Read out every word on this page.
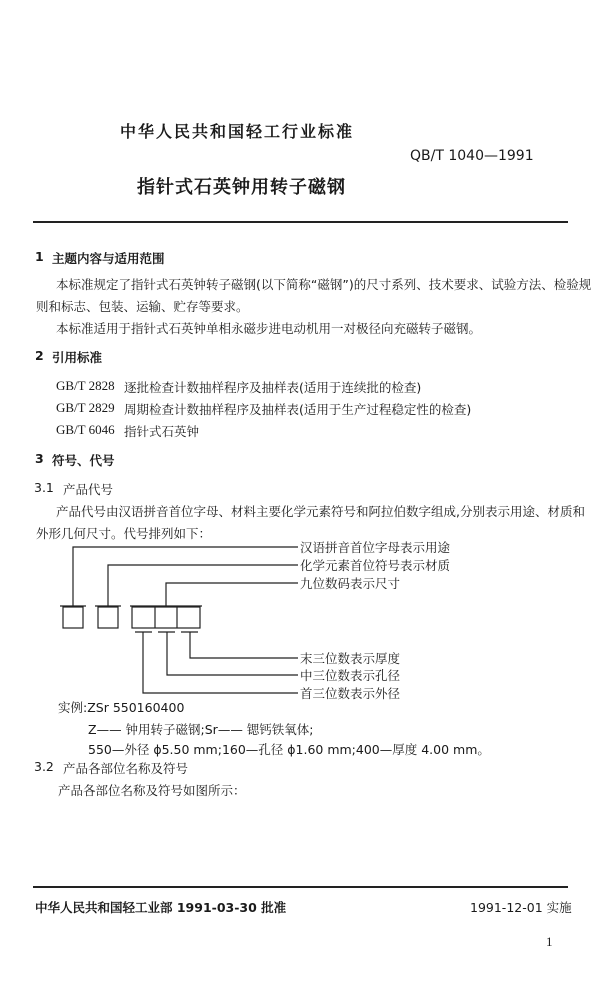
中华人民共和国轻工行业标准
QB/T 1040—1991
指针式石英钟用转子磁钢
1 主题内容与适用范围
本标准规定了指针式石英钟转子磁钢(以下简称“磁钢”)的尺寸系列、技术要求、试验方法、检验规
则和标志、包装、运输、贮存等要求。
本标准适用于指针式石英钟单相永磁步进电动机用一对极径向充磁转子磁钢。
2 引用标准
GB/T 2828 逐批检查计数抽样程序及抽样表(适用于连续批的检查)
GB/T 2829 周期检查计数抽样程序及抽样表(适用于生产过程稳定性的检查)
GB/T 6046 指针式石英钟
3 符号、代号
3.1 产品代号
产品代号由汉语拼音首位字母、材料主要化学元素符号和阿拉伯数字组成,分别表示用途、材质和
外形几何尺寸。代号排列如下：
汉语拼音首位字母表示用途
化学元素首位符号表示材质
九位数码表示尺寸
末三位数表示厚度
中三位数表示孔径
首三位数表示外径
实例:ZSr 550160400
Z—— 钟用转子磁钢;Sr—— 锶钙铁氧体;
550—外径 ϕ5.50 mm;160—孔径 ϕ1.60 mm;400—厚度 4.00 mm。
3.2 产品各部位名称及符号
产品各部位名称及符号如图所示：
中华人民共和国轻工业部 1991-03-30 批准	1991-12-01 实施
1
